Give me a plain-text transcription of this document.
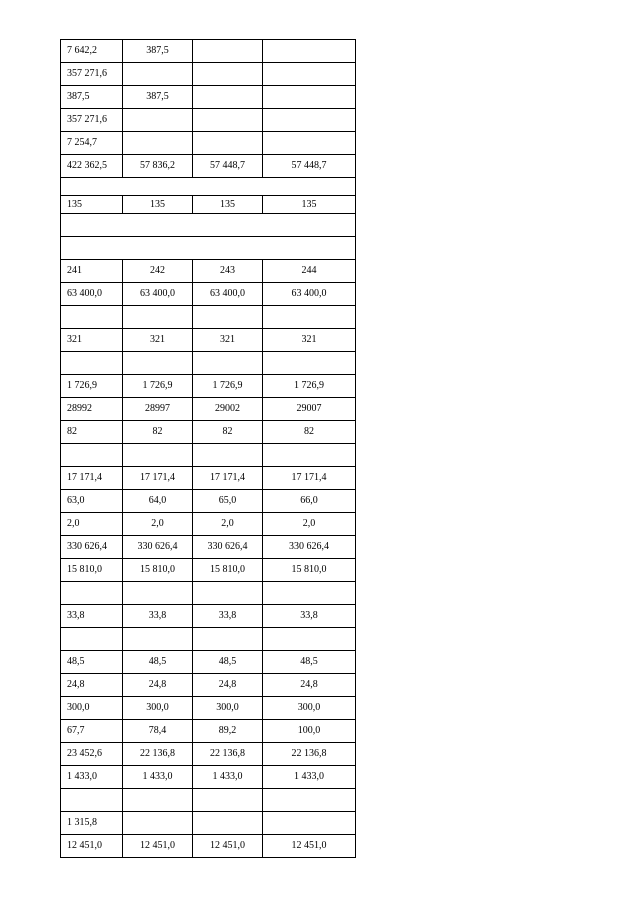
7 642,2	387,5		
357 271,6			
387,5	387,5		
357 271,6			
7 254,7			
422 362,5	57 836,2	57 448,7	57 448,7

135	135	135	135

241	242	243	244
63 400,0	63 400,0	63 400,0	63 400,0

321	321	321	321

1 726,9	1 726,9	1 726,9	1 726,9
28992	28997	29002	29007
82	82	82	82

17 171,4	17 171,4	17 171,4	17 171,4
63,0	64,0	65,0	66,0
2,0	2,0	2,0	2,0
330 626,4	330 626,4	330 626,4	330 626,4
15 810,0	15 810,0	15 810,0	15 810,0

33,8	33,8	33,8	33,8

48,5	48,5	48,5	48,5
24,8	24,8	24,8	24,8
300,0	300,0	300,0	300,0
67,7	78,4	89,2	100,0
23 452,6	22 136,8	22 136,8	22 136,8
1 433,0	1 433,0	1 433,0	1 433,0

1 315,8			
12 451,0	12 451,0	12 451,0	12 451,0
